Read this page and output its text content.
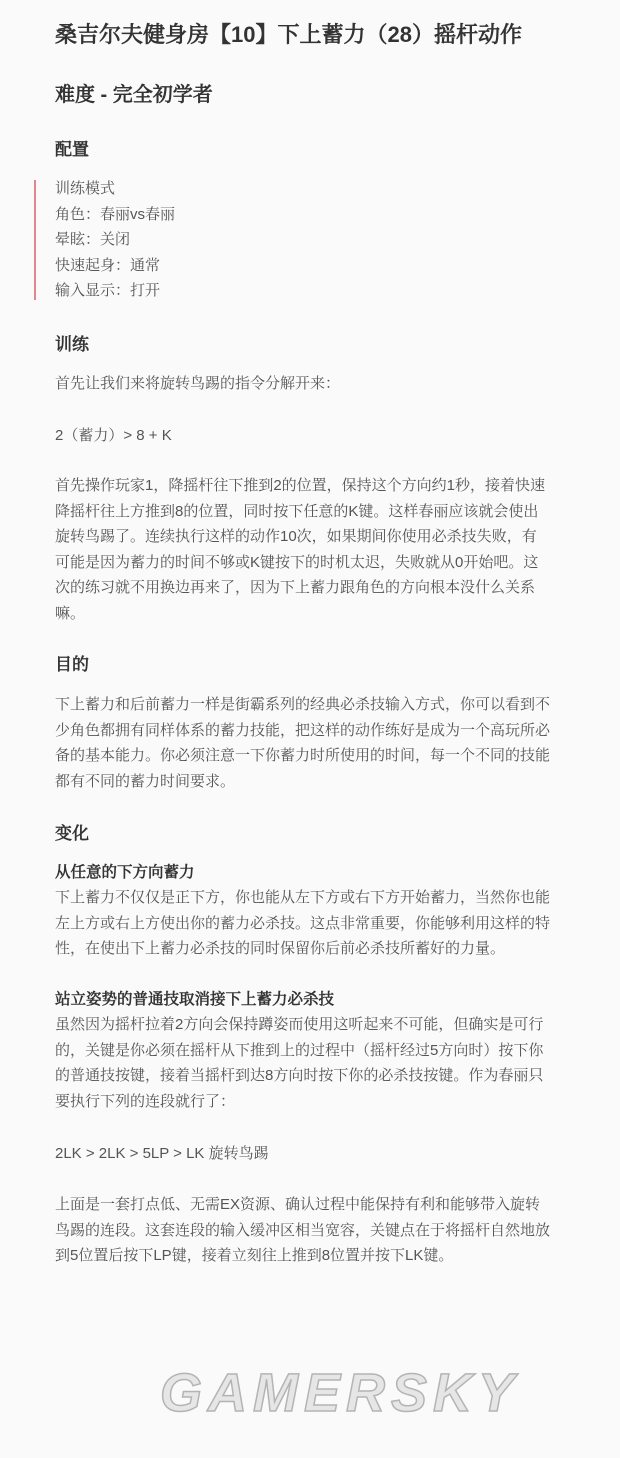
桑吉尔夫健身房【10】下上蓄力（28）摇杆动作
难度 - 完全初学者
配置
训练模式
角色：春丽vs春丽
晕眩：关闭
快速起身：通常
输入显示：打开
训练
首先让我们来将旋转鸟踢的指令分解开来：
2（蓄力）> 8 + K
首先操作玩家1，降摇杆往下推到2的位置，保持这个方向约1秒，接着快速
降摇杆往上方推到8的位置，同时按下任意的K键。这样春丽应该就会使出
旋转鸟踢了。连续执行这样的动作10次，如果期间你使用必杀技失败，有
可能是因为蓄力的时间不够或K键按下的时机太迟，失败就从0开始吧。这
次的练习就不用换边再来了，因为下上蓄力跟角色的方向根本没什么关系
嘛。
目的
下上蓄力和后前蓄力一样是街霸系列的经典必杀技输入方式，你可以看到不
少角色都拥有同样体系的蓄力技能，把这样的动作练好是成为一个高玩所必
备的基本能力。你必须注意一下你蓄力时所使用的时间，每一个不同的技能
都有不同的蓄力时间要求。
变化
从任意的下方向蓄力
下上蓄力不仅仅是正下方，你也能从左下方或右下方开始蓄力，当然你也能
左上方或右上方使出你的蓄力必杀技。这点非常重要，你能够利用这样的特
性，在使出下上蓄力必杀技的同时保留你后前必杀技所蓄好的力量。
站立姿势的普通技取消接下上蓄力必杀技
虽然因为摇杆拉着2方向会保持蹲姿而使用这听起来不可能，但确实是可行
的，关键是你必须在摇杆从下推到上的过程中（摇杆经过5方向时）按下你
的普通技按键，接着当摇杆到达8方向时按下你的必杀技按键。作为春丽只
要执行下列的连段就行了：
2LK > 2LK > 5LP > LK 旋转鸟踢
上面是一套打点低、无需EX资源、确认过程中能保持有利和能够带入旋转
鸟踢的连段。这套连段的输入缓冲区相当宽容，关键点在于将摇杆自然地放
到5位置后按下LP键，接着立刻往上推到8位置并按下LK键。
GAMERSKY
